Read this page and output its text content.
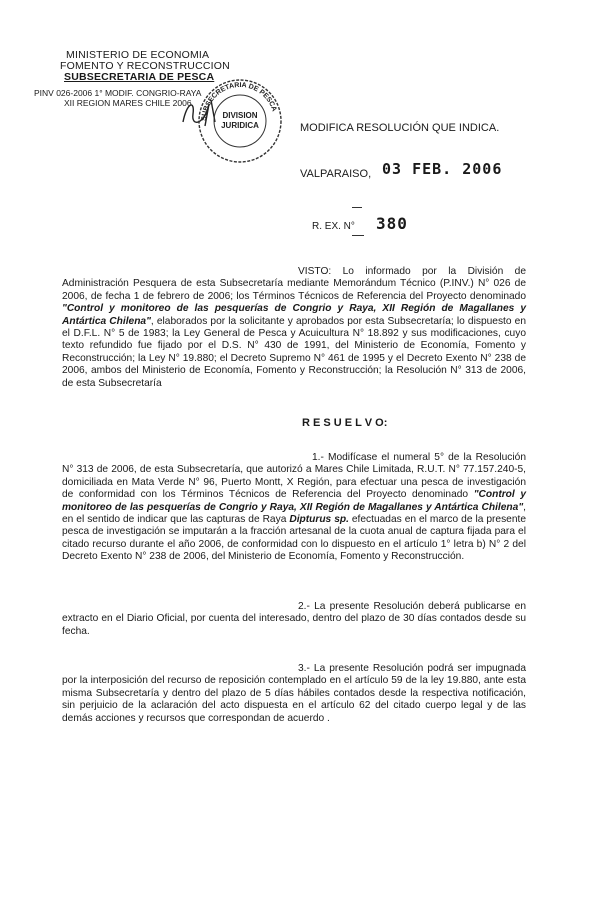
MINISTERIO DE ECONOMIA
FOMENTO Y RECONSTRUCCION
SUBSECRETARIA DE PESCA
PINV 026-2006 1° MODIF. CONGRIO-RAYA
XII REGION MARES CHILE 2006
SUBSECRETARIA DE PESCA
DIVISION
JURIDICA	MODIFICA RESOLUCIÓN QUE INDICA.
VALPARAISO, 03 FEB. 2006
R. EX. N° 380
VISTO: Lo informado por la División de Administración Pesquera de esta Subsecretaría mediante Memorándum Técnico (P.INV.) N° 026 de 2006, de fecha 1 de febrero de 2006; los Términos Técnicos de Referencia del Proyecto denominado "Control y monitoreo de las pesquerías de Congrio y Raya, XII Región de Magallanes y Antártica Chilena", elaborados por la solicitante y aprobados por esta Subsecretaría; lo dispuesto en el D.F.L. N° 5 de 1983; la Ley General de Pesca y Acuicultura N° 18.892 y sus modificaciones, cuyo texto refundido fue fijado por el D.S. N° 430 de 1991, del Ministerio de Economía, Fomento y Reconstrucción; la Ley N° 19.880; el Decreto Supremo N° 461 de 1995 y el Decreto Exento N° 238 de 2006, ambos del Ministerio de Economía, Fomento y Reconstrucción; la Resolución N° 313 de 2006, de esta Subsecretaría
R E S U E L V O:
1.- Modifícase el numeral 5° de la Resolución N° 313 de 2006, de esta Subsecretaría, que autorizó a Mares Chile Limitada, R.U.T. N° 77.157.240-5, domiciliada en Mata Verde N° 96, Puerto Montt, X Región, para efectuar una pesca de investigación de conformidad con los Términos Técnicos de Referencia del Proyecto denominado "Control y monitoreo de las pesquerías de Congrio y Raya, XII Región de Magallanes y Antártica Chilena", en el sentido de indicar que las capturas de Raya Dipturus sp. efectuadas en el marco de la presente pesca de investigación se imputarán a la fracción artesanal de la cuota anual de captura fijada para el citado recurso durante el año 2006, de conformidad con lo dispuesto en el artículo 1° letra b) N° 2 del Decreto Exento N° 238 de 2006, del Ministerio de Economía, Fomento y Reconstrucción.
2.- La presente Resolución deberá publicarse en extracto en el Diario Oficial, por cuenta del interesado, dentro del plazo de 30 días contados desde su fecha.
3.- La presente Resolución podrá ser impugnada por la interposición del recurso de reposición contemplado en el artículo 59 de la ley 19.880, ante esta misma Subsecretaría y dentro del plazo de 5 días hábiles contados desde la respectiva notificación, sin perjuicio de la aclaración del acto dispuesta en el artículo 62 del citado cuerpo legal y de las demás acciones y recursos que correspondan de acuerdo .
